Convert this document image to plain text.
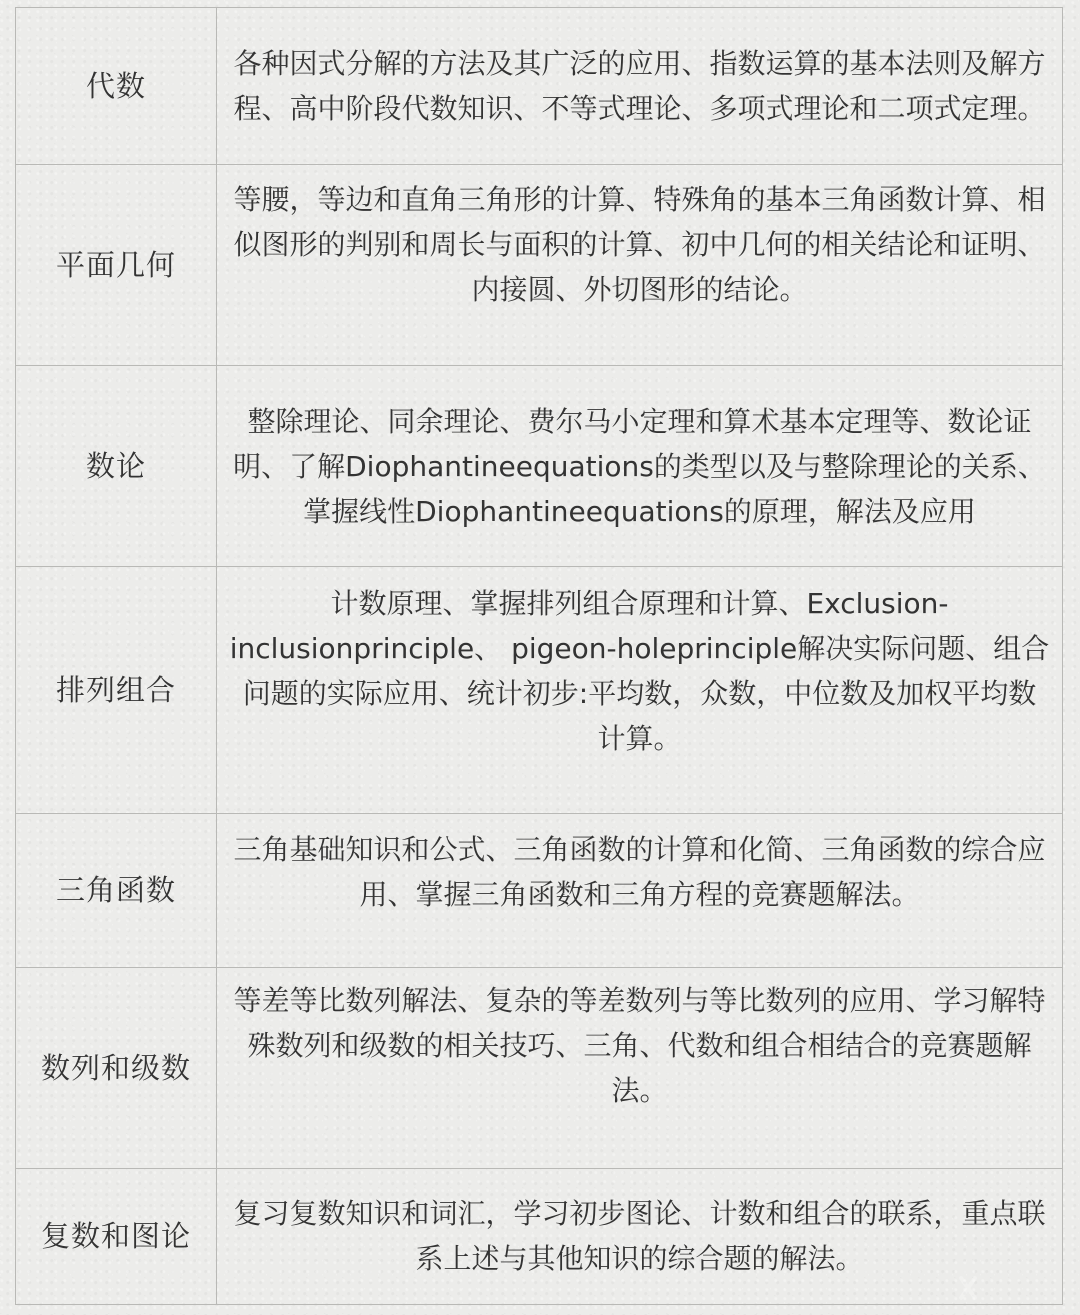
代数	各种因式分解的方法及其广泛的应用、指数运算的基本法则及解方程、高中阶段代数知识、不等式理论、多项式理论和二项式定理。
平面几何	等腰，等边和直角三角形的计算、特殊角的基本三角函数计算、相似图形的判别和周长与面积的计算、初中几何的相关结论和证明、内接圆、外切图形的结论。
数论	整除理论、同余理论、费尔马小定理和算术基本定理等、数论证明、了解Diophantineequations的类型以及与整除理论的关系、掌握线性Diophantineequations的原理，解法及应用
排列组合	计数原理、掌握排列组合原理和计算、Exclusion-inclusionprinciple、 pigeon-holeprinciple解决实际问题、组合问题的实际应用、统计初步:平均数，众数，中位数及加权平均数计算。
三角函数	三角基础知识和公式、三角函数的计算和化简、三角函数的综合应用、掌握三角函数和三角方程的竞赛题解法。
数列和级数	等差等比数列解法、复杂的等差数列与等比数列的应用、学习解特殊数列和级数的相关技巧、三角、代数和组合相结合的竞赛题解法。
复数和图论	复习复数知识和词汇，学习初步图论、计数和组合的联系，重点联系上述与其他知识的综合题的解法。
